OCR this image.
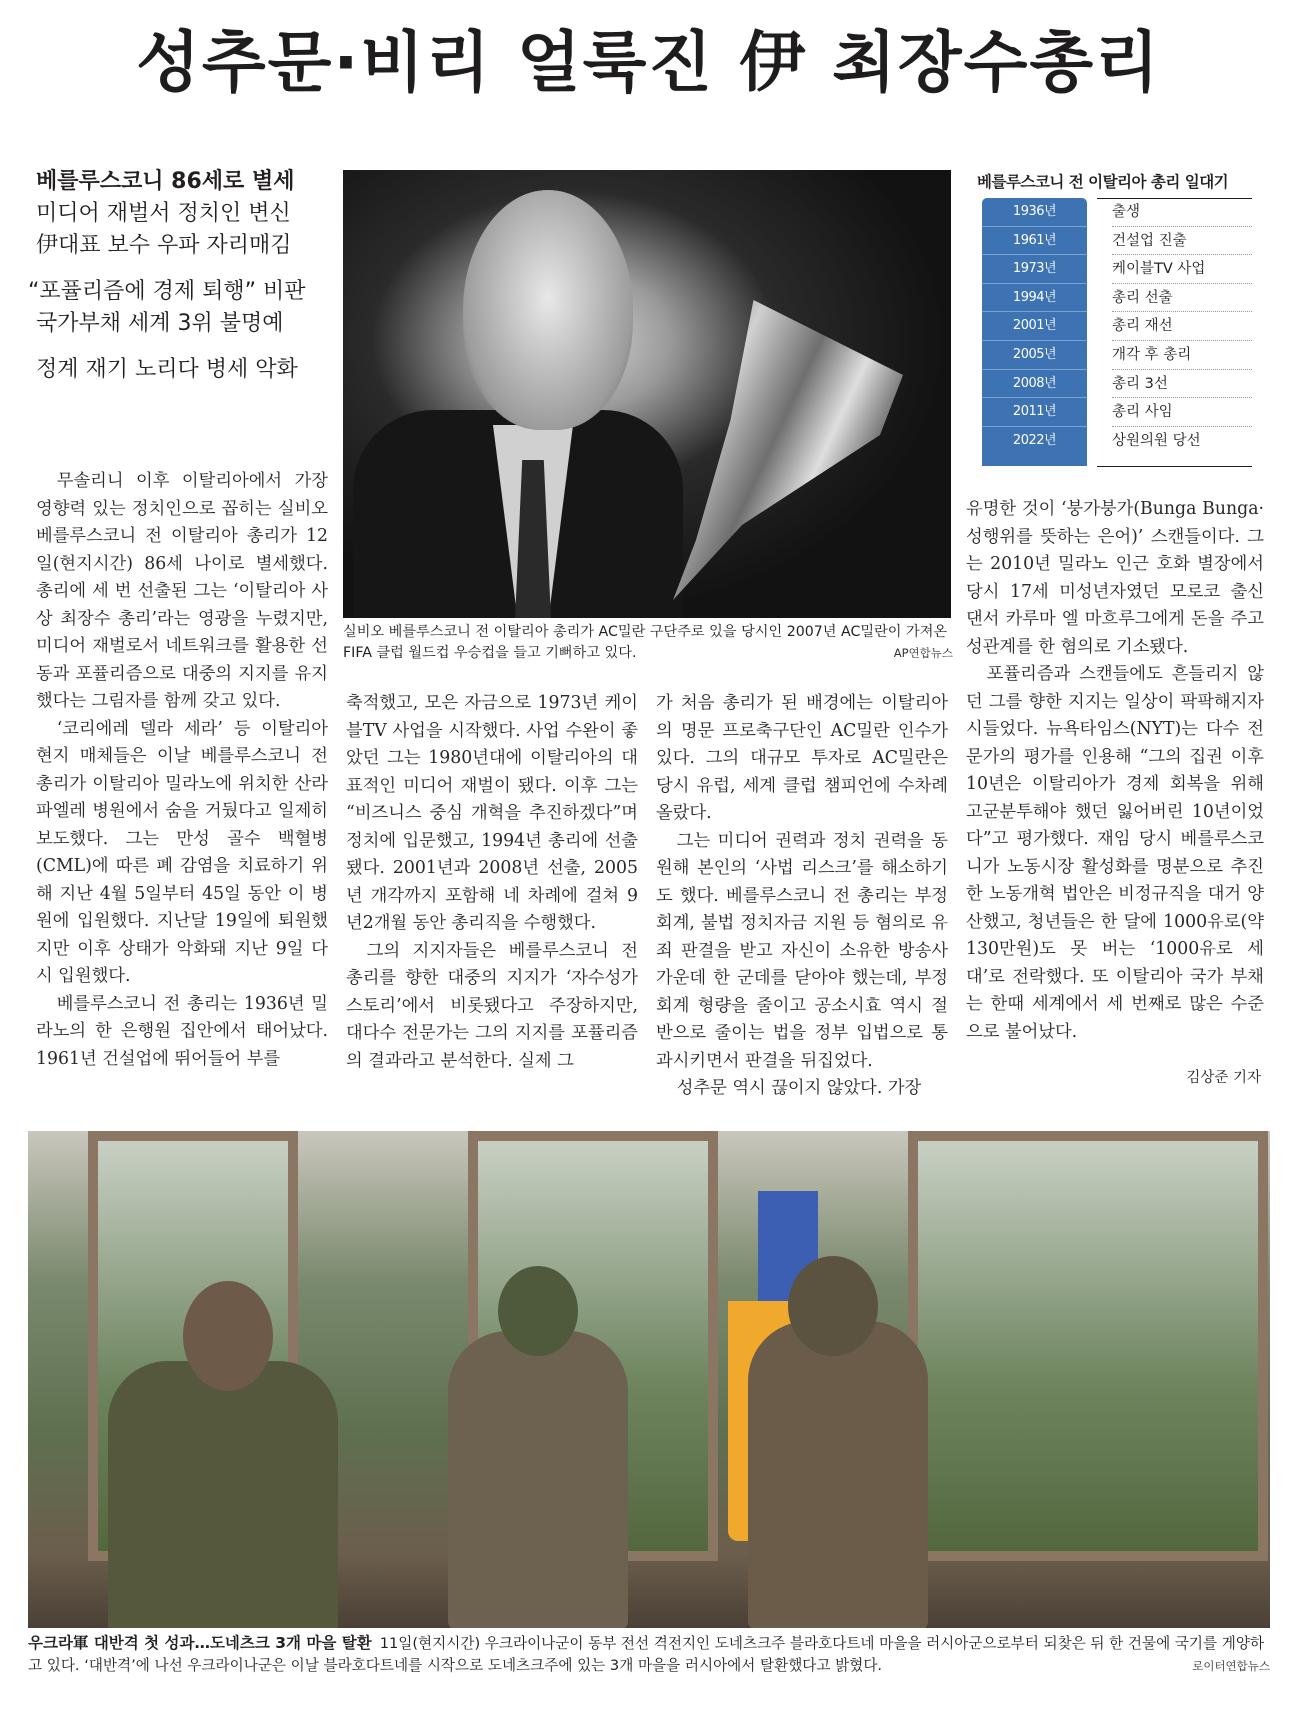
성추문·비리 얼룩진 伊 최장수총리
베를루스코니 86세로 별세
미디어 재벌서 정치인 변신
伊대표 보수 우파 자리매김
“포퓰리즘에 경제 퇴행” 비판
국가부채 세계 3위 불명예
정계 재기 노리다 병세 악화
실비오 베를루스코니 전 이탈리아 총리가 AC밀란 구단주로 있을 당시인 2007년 AC밀란이 가져온 FIFA 클럽 월드컵 우승컵을 들고 기뻐하고 있다.	AP연합뉴스
베를루스코니 전 이탈리아 총리 일대기
1936년	출생
1961년	건설업 진출
1973년	케이블TV 사업
1994년	총리 선출
2001년	총리 재선
2005년	개각 후 총리
2008년	총리 3선
2011년	총리 사임
2022년	상원의원 당선

무솔리니 이후 이탈리아에서 가장 영향력 있는 정치인으로 꼽히는 실비오 베를루스코니 전 이탈리아 총리가 12일(현지시간) 86세 나이로 별세했다. 총리에 세 번 선출된 그는 ‘이탈리아 사상 최장수 총리’라는 영광을 누렸지만, 미디어 재벌로서 네트워크를 활용한 선동과 포퓰리즘으로 대중의 지지를 유지했다는 그림자를 함께 갖고 있다.

‘코리에레 델라 세라’ 등 이탈리아 현지 매체들은 이날 베를루스코니 전 총리가 이탈리아 밀라노에 위치한 산라파엘레 병원에서 숨을 거뒀다고 일제히 보도했다. 그는 만성 골수 백혈병(CML)에 따른 폐 감염을 치료하기 위해 지난 4월 5일부터 45일 동안 이 병원에 입원했다. 지난달 19일에 퇴원했지만 이후 상태가 악화돼 지난 9일 다시 입원했다.

베를루스코니 전 총리는 1936년 밀라노의 한 은행원 집안에서 태어났다. 1961년 건설업에 뛰어들어 부를

축적했고, 모은 자금으로 1973년 케이블TV 사업을 시작했다. 사업 수완이 좋았던 그는 1980년대에 이탈리아의 대표적인 미디어 재벌이 됐다. 이후 그는 “비즈니스 중심 개혁을 추진하겠다”며 정치에 입문했고, 1994년 총리에 선출됐다. 2001년과 2008년 선출, 2005년 개각까지 포함해 네 차례에 걸쳐 9년2개월 동안 총리직을 수행했다.

그의 지지자들은 베를루스코니 전 총리를 향한 대중의 지지가 ‘자수성가 스토리’에서 비롯됐다고 주장하지만, 대다수 전문가는 그의 지지를 포퓰리즘의 결과라고 분석한다. 실제 그

가 처음 총리가 된 배경에는 이탈리아의 명문 프로축구단인 AC밀란 인수가 있다. 그의 대규모 투자로 AC밀란은 당시 유럽, 세계 클럽 챔피언에 수차례 올랐다.

그는 미디어 권력과 정치 권력을 동원해 본인의 ‘사법 리스크’를 해소하기도 했다. 베를루스코니 전 총리는 부정회계, 불법 정치자금 지원 등 혐의로 유죄 판결을 받고 자신이 소유한 방송사 가운데 한 군데를 닫아야 했는데, 부정회계 형량을 줄이고 공소시효 역시 절반으로 줄이는 법을 정부 입법으로 통과시키면서 판결을 뒤집었다.

성추문 역시 끊이지 않았다. 가장

유명한 것이 ‘붕가붕가(Bunga Bunga·성행위를 뜻하는 은어)’ 스캔들이다. 그는 2010년 밀라노 인근 호화 별장에서 당시 17세 미성년자였던 모로코 출신 댄서 카루마 엘 마흐루그에게 돈을 주고 성관계를 한 혐의로 기소됐다.

포퓰리즘과 스캔들에도 흔들리지 않던 그를 향한 지지는 일상이 팍팍해지자 시들었다. 뉴욕타임스(NYT)는 다수 전문가의 평가를 인용해 “그의 집권 이후 10년은 이탈리아가 경제 회복을 위해 고군분투해야 했던 잃어버린 10년이었다”고 평가했다. 재임 당시 베를루스코니가 노동시장 활성화를 명분으로 추진한 노동개혁 법안은 비정규직을 대거 양산했고, 청년들은 한 달에 1000유로(약 130만원)도 못 버는 ‘1000유로 세대’로 전락했다. 또 이탈리아 국가 부채는 한때 세계에서 세 번째로 많은 수준으로 불어났다.

김상준 기자
우크라軍 대반격 첫 성과…도네츠크 3개 마을 탈환 11일(현지시간) 우크라이나군이 동부 전선 격전지인 도네츠크주 블라호다트네 마을을 러시아군으로부터 되찾은 뒤 한 건물에 국기를 게양하고 있다. ‘대반격’에 나선 우크라이나군은 이날 블라호다트네를 시작으로 도네츠크주에 있는 3개 마을을 러시아에서 탈환했다고 밝혔다.	로이터연합뉴스
